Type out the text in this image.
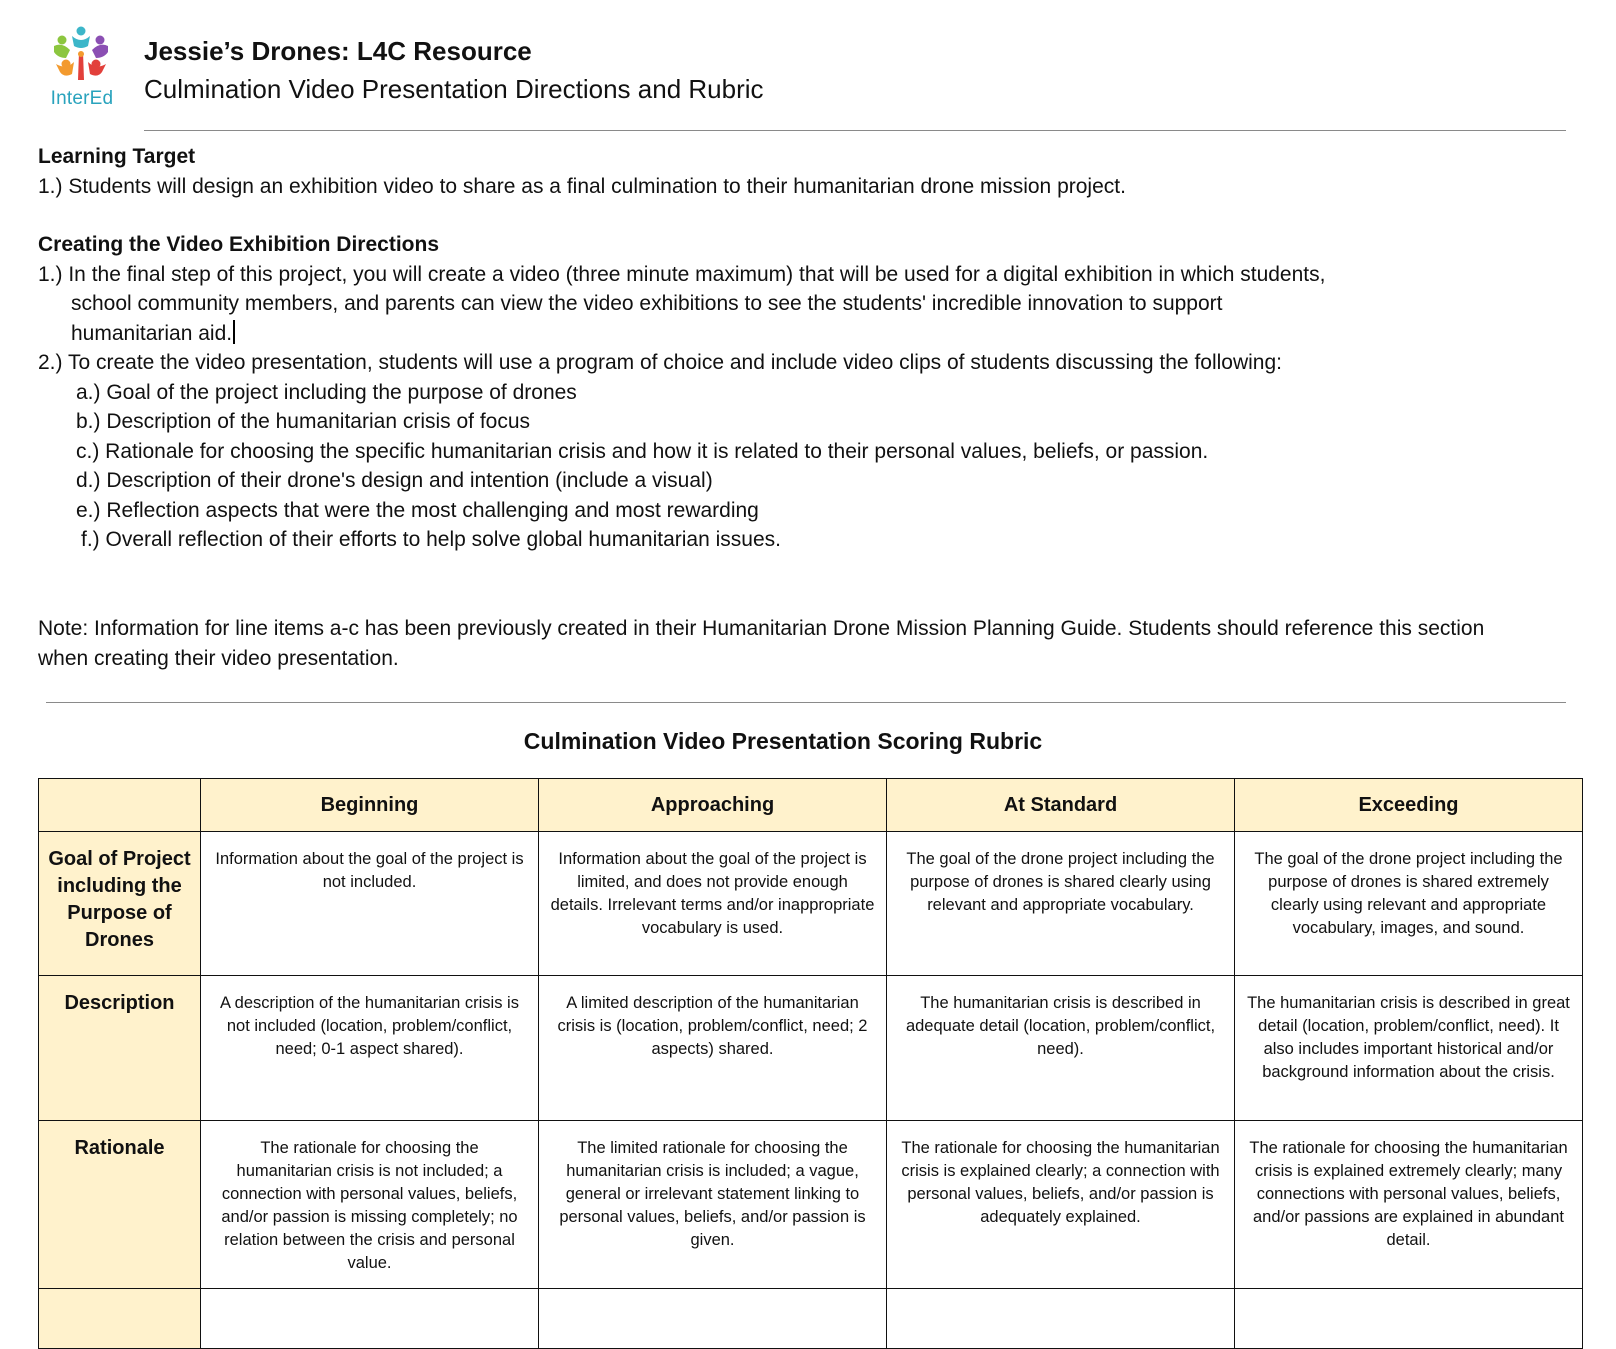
InterEd
Jessie’s Drones: L4C Resource
Culmination Video Presentation Directions and Rubric
Learning Target
1.) Students will design an exhibition video to share as a final culmination to their humanitarian drone mission project.
Creating the Video Exhibition Directions
1.) In the final step of this project, you will create a video (three minute maximum) that will be used for a digital exhibition in which students,
school community members, and parents can view the video exhibitions to see the students' incredible innovation to support
humanitarian aid.
2.) To create the video presentation, students will use a program of choice and include video clips of students discussing the following:
a.) Goal of the project including the purpose of drones
b.) Description of the humanitarian crisis of focus
c.) Rationale for choosing the specific humanitarian crisis and how it is related to their personal values, beliefs, or passion.
d.) Description of their drone's design and intention (include a visual)
e.) Reflection aspects that were the most challenging and most rewarding
f.) Overall reflection of their efforts to help solve global humanitarian issues.
Note: Information for line items a-c has been previously created in their Humanitarian Drone Mission Planning Guide. Students should reference this section
when creating their video presentation.
Culmination Video Presentation Scoring Rubric
	Beginning	Approaching	At Standard	Exceeding
Goal of Project including the Purpose of Drones	Information about the goal of the project is not included.	Information about the goal of the project is limited, and does not provide enough details. Irrelevant terms and/or inappropriate vocabulary is used.	The goal of the drone project including the purpose of drones is shared clearly using relevant and appropriate vocabulary.	The goal of the drone project including the purpose of drones is shared extremely clearly using relevant and appropriate vocabulary, images, and sound.
Description	A description of the humanitarian crisis is not included (location, problem/conflict, need; 0-1 aspect shared).	A limited description of the humanitarian crisis is (location, problem/conflict, need; 2 aspects) shared.	The humanitarian crisis is described in adequate detail (location, problem/conflict, need).	The humanitarian crisis is described in great detail (location, problem/conflict, need). It also includes important historical and/or background information about the crisis.
Rationale	The rationale for choosing the humanitarian crisis is not included; a connection with personal values, beliefs, and/or passion is missing completely; no relation between the crisis and personal value.	The limited rationale for choosing the humanitarian crisis is included; a vague, general or irrelevant statement linking to personal values, beliefs, and/or passion is given.	The rationale for choosing the humanitarian crisis is explained clearly; a connection with personal values, beliefs, and/or passion is adequately explained.	The rationale for choosing the humanitarian crisis is explained extremely clearly; many connections with personal values, beliefs, and/or passions are explained in abundant detail.
